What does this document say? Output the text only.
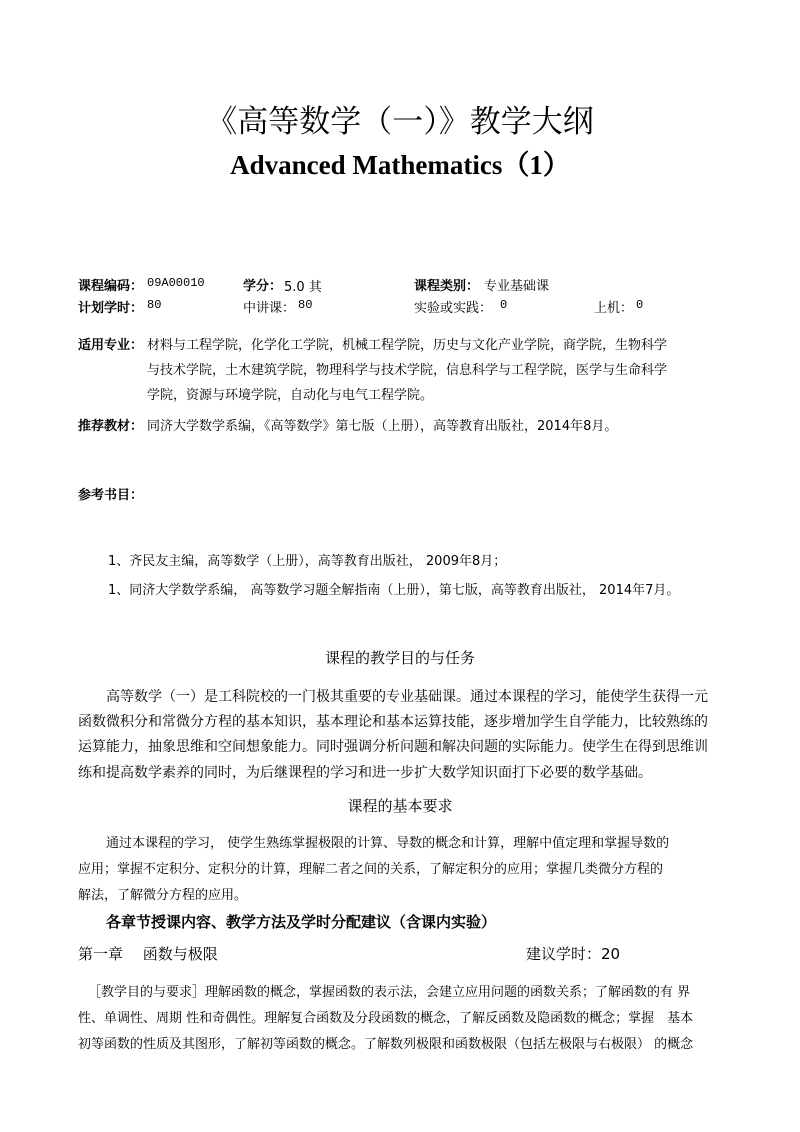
《高等数学（一）》教学大纲
Advanced Mathematics（1）
课程编码： 09A00010	学分： 5.0 其	课程类别： 专业基础课
计划学时： 80	中讲课： 80	实验或实践： 0	上机： 0
适用专业： 材料与工程学院，化学化工学院，机械工程学院，历史与文化产业学院，商学院，生物科学
与技术学院，土木建筑学院，物理科学与技术学院，信息科学与工程学院，医学与生命科学
学院，资源与环境学院，自动化与电气工程学院。
推荐教材： 同济大学数学系编，《高等数学》第七版（上册），高等教育出版社，2014年8月。
参考书目：
1、齐民友主编，高等数学（上册），高等教育出版社， 2009年8月；
1、同济大学数学系编， 高等数学习题全解指南（上册），第七版，高等教育出版社， 2014年7月。
课程的教学目的与任务
高等数学（一）是工科院校的一门极其重要的专业基础课。通过本课程的学习，能使学生获得一元
函数微积分和常微分方程的基本知识，基本理论和基本运算技能，逐步增加学生自学能力，比较熟练的
运算能力，抽象思维和空间想象能力。同时强调分析问题和解决问题的实际能力。使学生在得到思维训
练和提高数学素养的同时，为后继课程的学习和进一步扩大数学知识面打下必要的数学基础。
课程的基本要求
通过本课程的学习， 使学生熟练掌握极限的计算、导数的概念和计算，理解中值定理和掌握导数的
应用；掌握不定积分、定积分的计算，理解二者之间的关系，了解定积分的应用；掌握几类微分方程的
解法，了解微分方程的应用。
各章节授课内容、教学方法及学时分配建议（含课内实验）
第一章　 函数与极限	建议学时：20
［教学目的与要求］理解函数的概念，掌握函数的表示法，会建立应用问题的函数关系；了解函数的有 界
性、单调性、周期 性和奇偶性。理解复合函数及分段函数的概念，了解反函数及隐函数的概念；掌握　基本
初等函数的性质及其图形，了解初等函数的概念。了解数列极限和函数极限（包括左极限与右极限） 的概念
